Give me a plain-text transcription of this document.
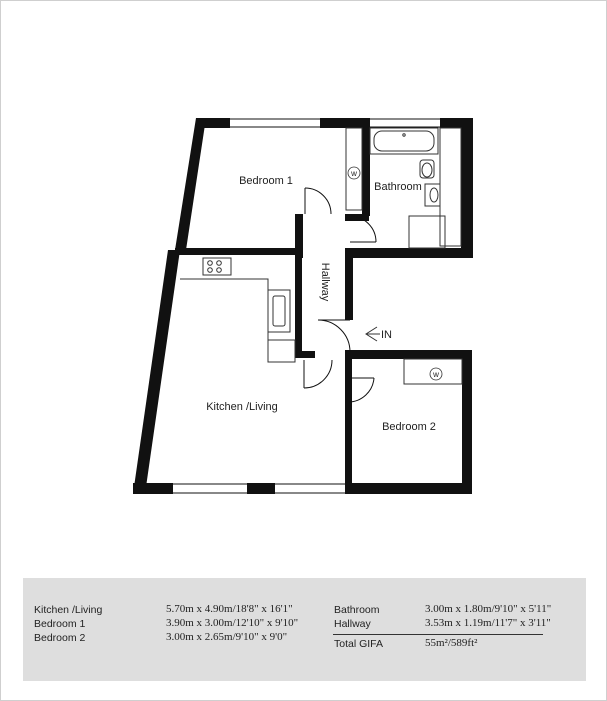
w
w
Bedroom 1	Bathroom
Hallway
Kitchen /Living
Bedroom 2
IN
Kitchen /Living	5.70m x 4.90m/18'8" x 16'1"
Bedroom 1	3.90m x 3.00m/12'10" x 9'10"
Bedroom 2	3.00m x 2.65m/9'10" x 9'0"
Bathroom	3.00m x 1.80m/9'10" x 5'11"
Hallway	3.53m x 1.19m/11'7" x 3'11"
Total GIFA	55m²/589ft²
